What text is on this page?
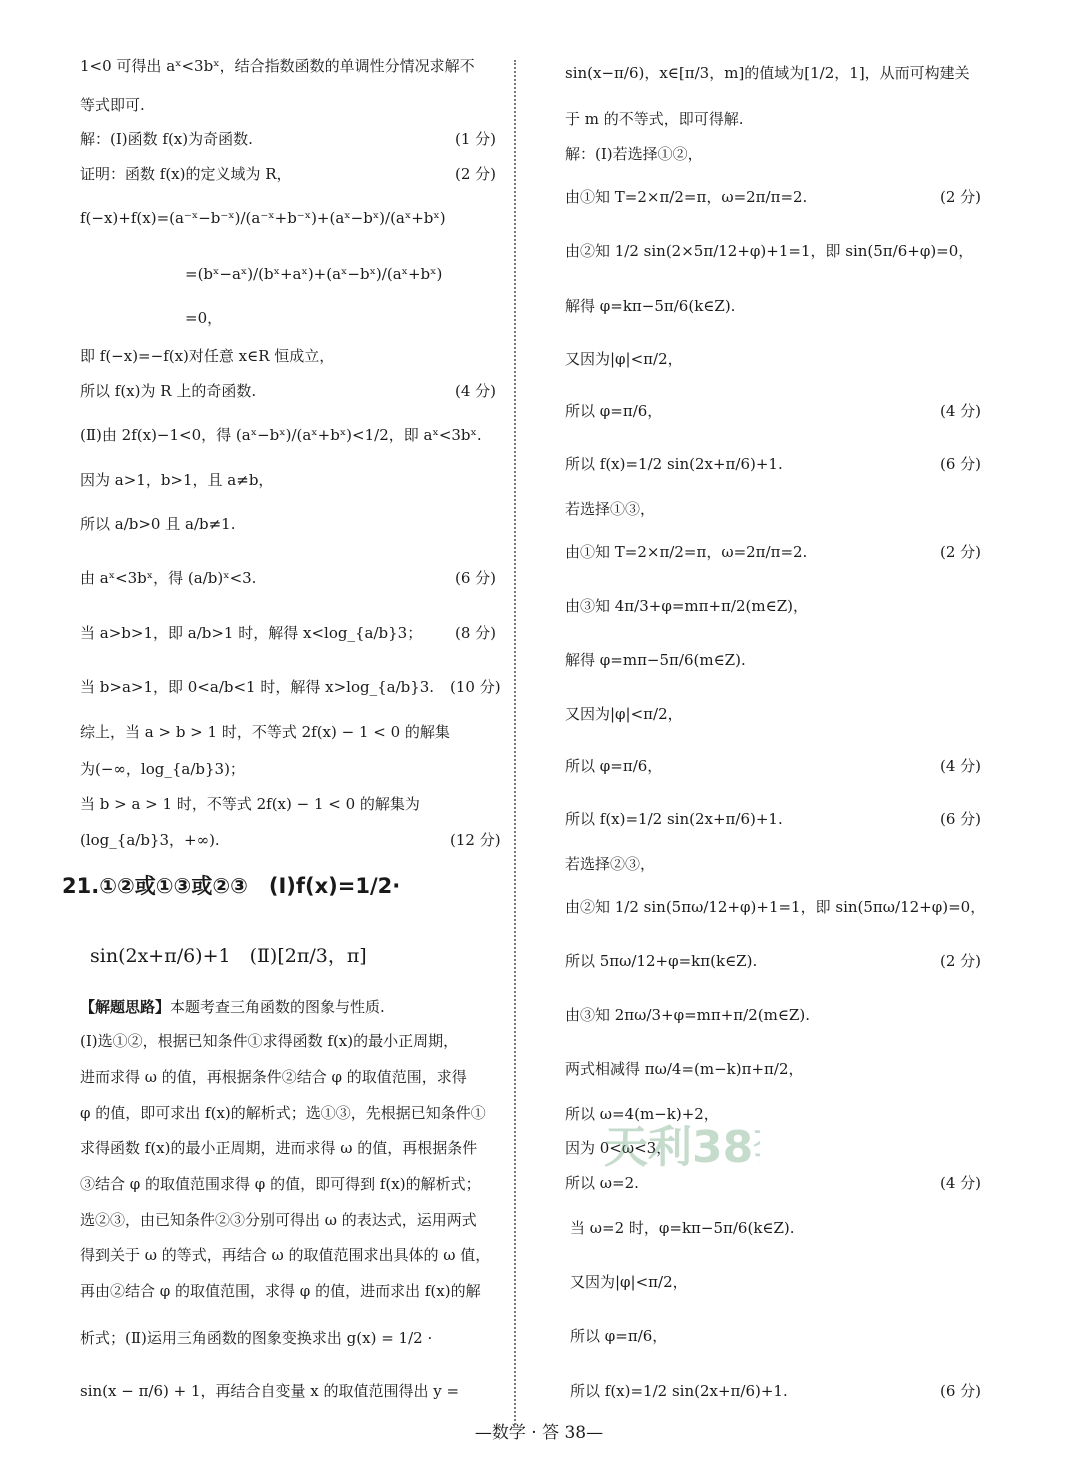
1<0 可得出 aˣ<3bˣ，结合指数函数的单调性分情况求解不
等式即可.
解：(Ⅰ)函数 f(x)为奇函数.	(1 分)
证明：函数 f(x)的定义域为 R，	(2 分)
f(−x)+f(x)=(a⁻ˣ−b⁻ˣ)/(a⁻ˣ+b⁻ˣ)+(aˣ−bˣ)/(aˣ+bˣ)
=(bˣ−aˣ)/(bˣ+aˣ)+(aˣ−bˣ)/(aˣ+bˣ)
=0，
即 f(−x)=−f(x)对任意 x∈R 恒成立，
所以 f(x)为 R 上的奇函数.	(4 分)
(Ⅱ)由 2f(x)−1<0，得 (aˣ−bˣ)/(aˣ+bˣ)<1/2，即 aˣ<3bˣ.
因为 a>1，b>1，且 a≠b，
所以 a/b>0 且 a/b≠1.
由 aˣ<3bˣ，得 (a/b)ˣ<3.	(6 分)
当 a>b>1，即 a/b>1 时，解得 x<log_{a/b}3； (8 分)
当 b>a>1，即 0<a/b<1 时，解得 x>log_{a/b}3. (10 分)
综上，当 a > b > 1 时，不等式 2f(x) − 1 < 0 的解集
为(−∞，log_{a/b}3)；
当 b > a > 1 时，不等式 2f(x) − 1 < 0 的解集为
(log_{a/b}3，+∞).	(12 分)
21.①②或①③或②③　(Ⅰ)f(x)=1/2·
sin(2x+π/6)+1　(Ⅱ)[2π/3，π]
【解题思路】本题考查三角函数的图象与性质.
(Ⅰ)选①②，根据已知条件①求得函数 f(x)的最小正周期，
进而求得 ω 的值，再根据条件②结合 φ 的取值范围，求得
φ 的值，即可求出 f(x)的解析式；选①③，先根据已知条件①
求得函数 f(x)的最小正周期，进而求得 ω 的值，再根据条件
③结合 φ 的取值范围求得 φ 的值，即可得到 f(x)的解析式；
选②③，由已知条件②③分别可得出 ω 的表达式，运用两式
得到关于 ω 的等式，再结合 ω 的取值范围求出具体的 ω 值，
再由②结合 φ 的取值范围，求得 φ 的值，进而求出 f(x)的解
析式；(Ⅱ)运用三角函数的图象变换求出 g(x) = 1/2 ·
sin(x − π/6) + 1，再结合自变量 x 的取值范围得出 y =
sin(x−π/6)，x∈[π/3，m]的值域为[1/2，1]，从而可构建关
于 m 的不等式，即可得解.
解：(Ⅰ)若选择①②，
由①知 T=2×π/2=π，ω=2π/π=2.	(2 分)
由②知 1/2 sin(2×5π/12+φ)+1=1，即 sin(5π/6+φ)=0，
解得 φ=kπ−5π/6(k∈Z).
又因为|φ|<π/2，
所以 φ=π/6，	(4 分)
所以 f(x)=1/2 sin(2x+π/6)+1.	(6 分)
若选择①③，
由①知 T=2×π/2=π，ω=2π/π=2.	(2 分)
由③知 4π/3+φ=mπ+π/2(m∈Z)，
解得 φ=mπ−5π/6(m∈Z).
又因为|φ|<π/2，
所以 φ=π/6，	(4 分)
所以 f(x)=1/2 sin(2x+π/6)+1.	(6 分)
若选择②③，
由②知 1/2 sin(5πω/12+φ)+1=1，即 sin(5πω/12+φ)=0，
所以 5πω/12+φ=kπ(k∈Z).	(2 分)
由③知 2πω/3+φ=mπ+π/2(m∈Z).
两式相减得 πω/4=(m−k)π+π/2，
所以 ω=4(m−k)+2，
因为 0<ω<3，
所以 ω=2.	(4 分)
当 ω=2 时，φ=kπ−5π/6(k∈Z).
又因为|φ|<π/2，
所以 φ=π/6，
所以 f(x)=1/2 sin(2x+π/6)+1.	(6 分)
天利38
—数学 · 答 38—
